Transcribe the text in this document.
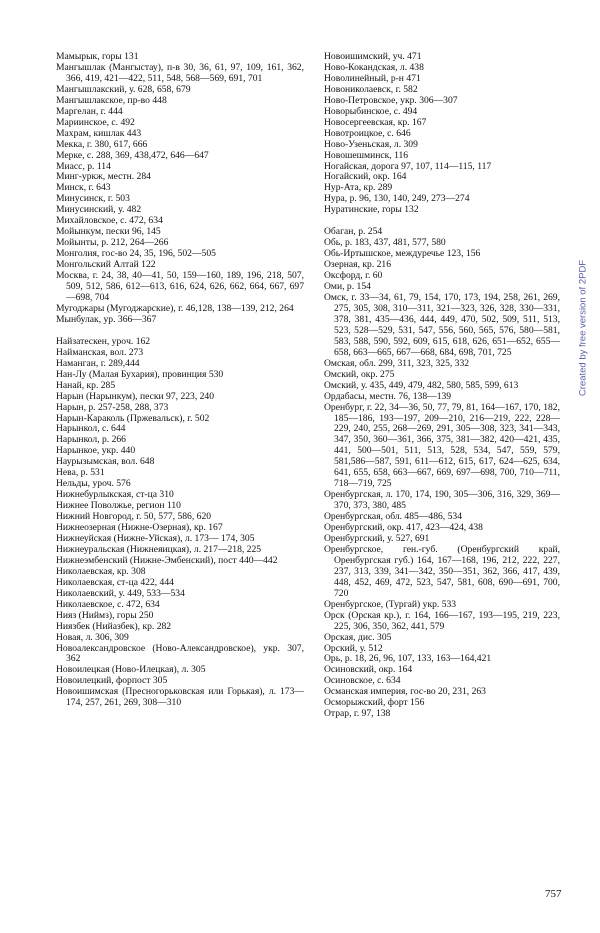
Мамырык, горы 131
Мангышлак (Мангыстау), п-в 30, 36, 61, 97, 109, 161, 362, 366, 419, 421—422, 511, 548, 568—569, 691, 701
Мангышлакский, у. 628, 658, 679
Мангышлакское, пр-во 448
Маргелан, г. 444
Мариинское, с. 492
Махрам, кишлак 443
Мекка, г. 380, 617, 666
Мерке, с. 288, 369, 438,472, 646—647
Миасс, р. 114
Минг-уркж, местн. 284
Минск, г. 643
Минусинск, г. 503
Минусинский, у. 482
Михайловское, с. 472, 634
Мойынкум, пески 96, 145
Мойынты, р. 212, 264—266
Монголия, гос-во 24, 35, 196, 502—505
Монгольский Алтай 122
Москва, г. 24, 38, 40—41, 50, 159—160, 189, 196, 218, 507, 509, 512, 586, 612—613, 616, 624, 626, 662, 664, 667, 697—698, 704
Мугоджары (Мугоджарские), г. 46,128, 138—139, 212, 264
Мынбулак, ур. 366—367
Найзатескен, урoч. 162
Наймaнская, вол. 273
Наманган, г. 289,444
Нан-Лу (Малая Бухария), провинция 530
Нанай, кр. 285
Нарын (Нарынкум), пески 97, 223, 240
Нарын, р. 257-258, 288, 373
Нарын-Караколь (Пржевальск), г. 502
Нарынкол, с. 644
Нарынкол, р. 266
Нарынкое, укр. 440
Наурызымская, вол. 648
Нева, р. 531
Нельды, уроч. 576
Нижнебурлыкская, ст-ца 310
Нижнее Поволжье, регион 110
Нижний Новгород, г. 50, 577, 586, 620
Нижнеозерная (Нижне-Озерная), кр. 167
Нижнеуйская (Нижне-Уйская), л. 173— 174, 305
Нижнеуральская (Нижнеяицкая), л. 217—218, 225
Нижнеэмбенский (Нижне-Эмбенский), пост 440—442
Николаевская, кр. 308
Николаевская, ст-ца 422, 444
Николаевский, у. 449, 533—534
Николаевское, с. 472, 634
Нияз (Ниймз), горы 250
Ниязбек (Нийазбек), кр. 282
Новая, л. 306, 309
Новоалександровское (Ново-Александровское), укр. 307, 362
Новоилецкая (Ново-Илецкая), л. 305
Новоилецкий, форпост 305
Новоишимская (Пресногорьковская или Горькая), л. 173—174, 257, 261, 269, 308—310
Новоишимский, уч. 471
Ново-Кокандская, л. 438
Новолинейный, р-н 471
Новониколаевск, г. 582
Ново-Петровское, укр. 306—307
Новорыбинское, с. 494
Новосергеевская, кр. 167
Новотроицкое, с. 646
Ново-Узеньская, л. 309
Новошешминск, 116
Ногайская, дорога 97, 107, 114—115, 117
Ногайский, окр. 164
Нур-Ата, кр. 289
Нура, р. 96, 130, 140, 249, 273—274
Нуратинские, горы 132
Обаган, р. 254
Обь, р. 183, 437, 481, 577, 580
Обь-Иртышское, междуречье 123, 156
Озерная, кр. 216
Оксфорд, г. 60
Оми, р. 154
Омск, г. 33—34, 61, 79, 154, 170, 173, 194, 258, 261, 269, 275, 305, 308, 310—311, 321—323, 326, 328, 330—331, 378, 381, 435—436, 444, 449, 470, 502, 509, 511, 513, 523, 528—529, 531, 547, 556, 560, 565, 576, 580—581, 583, 588, 590, 592, 609, 615, 618, 626, 651—652, 655—658, 663—665, 667—668, 684, 698, 701, 725
Омская, обл. 299, 311, 323, 325, 332
Омский, окр. 275
Омский, у. 435, 449, 479, 482, 580, 585, 599, 613
Ордабасы, местн. 76, 138—139
Оренбург, г. 22, 34—36, 50, 77, 79, 81, 164—167, 170, 182, 185—186, 193—197, 209—210, 216—219, 222, 228—229, 240, 255, 268—269, 291, 305—308, 323, 341—343, 347, 350, 360—361, 366, 375, 381—382, 420—421, 435, 441, 500—501, 511, 513, 528, 534, 547, 559, 579, 581,586—587, 591, 611—612, 615, 617, 624—625, 634, 641, 655, 658, 663—667, 669, 697—698, 700, 710—711, 718—719, 725
Оренбургская, л. 170, 174, 190, 305—306, 316, 329, 369—370, 373, 380, 485
Оренбургская, обл. 485—486, 534
Оренбургский, окр. 417, 423—424, 438
Оренбургский, у. 527, 691
Оренбургское, ген.-губ. (Оренбургский край, Оренбургская губ.) 164, 167—168, 196, 212, 222, 227, 237, 313, 339, 341—342, 350—351, 362, 366, 417, 439, 448, 452, 469, 472, 523, 547, 581, 608, 690—691, 700, 720
Оренбургское, (Тургай) укр. 533
Орск (Орская кр.), г. 164, 166—167, 193—195, 219, 223, 225, 306, 350, 362, 441, 579
Орская, дис. 305
Орский, у. 512
Орь, р. 18, 26, 96, 107, 133, 163—164,421
Осиновский, окр. 164
Осиновское, с. 634
Османская империя, гос-во 20, 231, 263
Осморыжский, форт 156
Отрар, г. 97, 138
Created by free version of 2PDF
757
